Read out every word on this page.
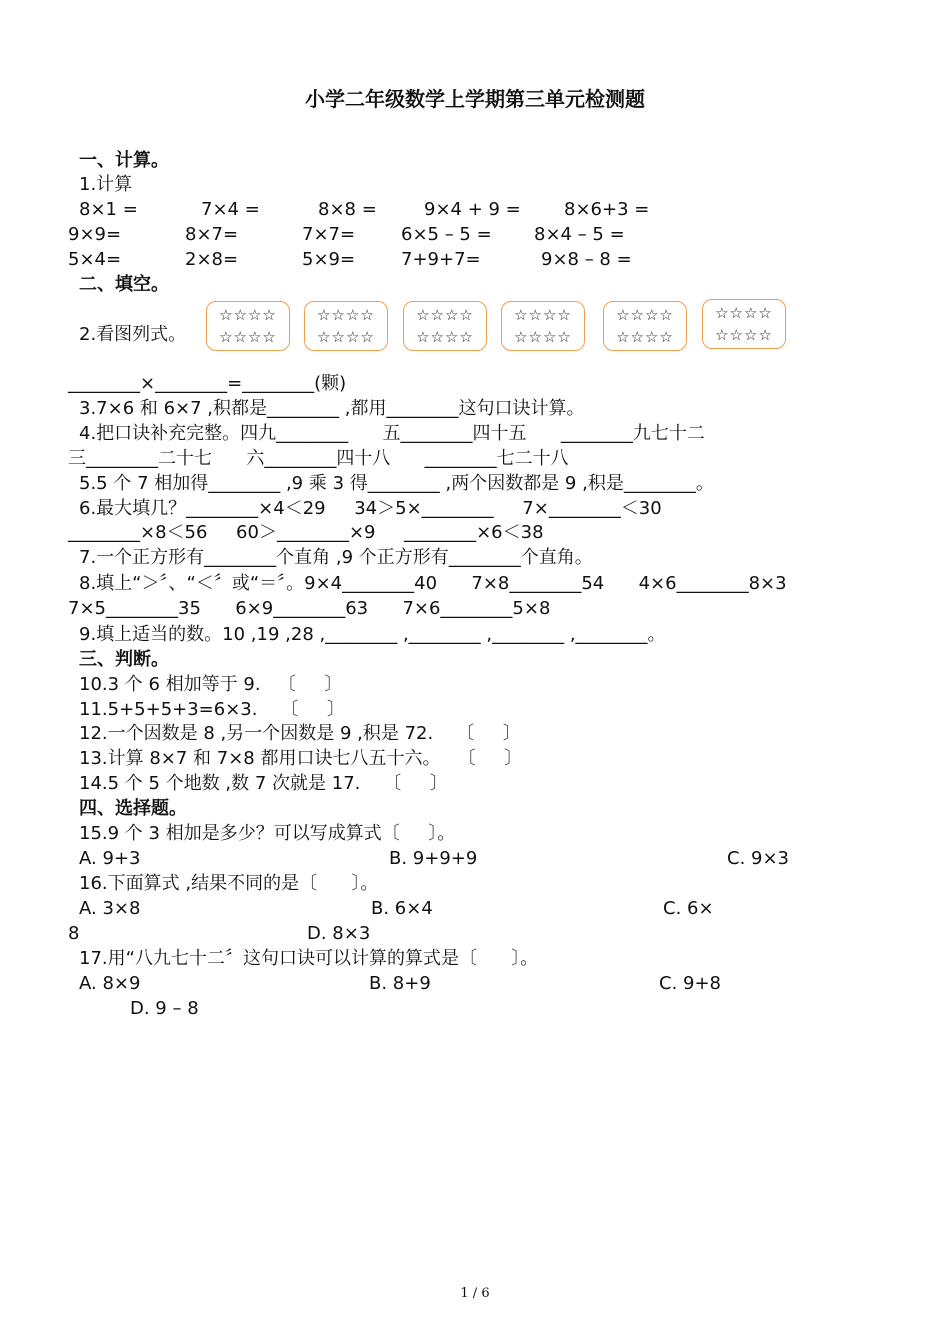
小学二年级数学上学期第三单元检测题
一、计算。
1.计算
8×1 =	7×4 =	8×8 =	9×4 + 9 = 8×6+3 =
9×9=	8×7=	7×7=	6×5 – 5 = 8×4 – 5 =
5×4=	2×8=	5×9=	7+9+7=	9×8 – 8 =
二、填空。
2.看图列式。
☆☆☆☆
☆☆☆☆
☆☆☆☆
☆☆☆☆
☆☆☆☆
☆☆☆☆
☆☆☆☆
☆☆☆☆
☆☆☆☆
☆☆☆☆
☆☆☆☆
☆☆☆☆
________×________=________(颗)
3.7×6 和 6×7 ,积都是________ ,都用________这句口诀计算。
4.把口诀补充完整。四九________      五________四十五      ________九七十二
三________二十七      六________四十八      ________七二十八
5.5 个 7 相加得________ ,9 乘 3 得________ ,两个因数都是 9 ,积是________。
6.最大填几？________×4＜29     34＞5×________     7×________＜30
________×8＜56     60＞________×9     ________×6＜38
7.一个正方形有________个直角 ,9 个正方形有________个直角。
8.填上“＞〞、“＜〞或“＝〞。9×4________40      7×8________54      4×6________8×3
7×5________35      6×9________63      7×6________5×8
9.填上适当的数。10 ,19 ,28 ,________ ,________ ,________ ,________。
三、判断。
10.3 个 6 相加等于 9.   〔     〕
11.5+5+5+3=6×3.    〔     〕
12.一个因数是 8 ,另一个因数是 9 ,积是 72.    〔     〕
13.计算 8×7 和 7×8 都用口诀七八五十六。   〔     〕
14.5 个 5 个地数 ,数 7 次就是 17.    〔     〕
四、选择题。
15.9 个 3 相加是多少？可以写成算式〔     〕。
A. 9+3	B. 9+9+9	C. 9×3
16.下面算式 ,结果不同的是〔      〕。
A. 3×8	B. 6×4	C. 6×
8	D. 8×3
17.用“八九七十二〞这句口诀可以计算的算式是〔      〕。
A. 8×9	B. 8+9	C. 9+8
D. 9 – 8
1 / 6
